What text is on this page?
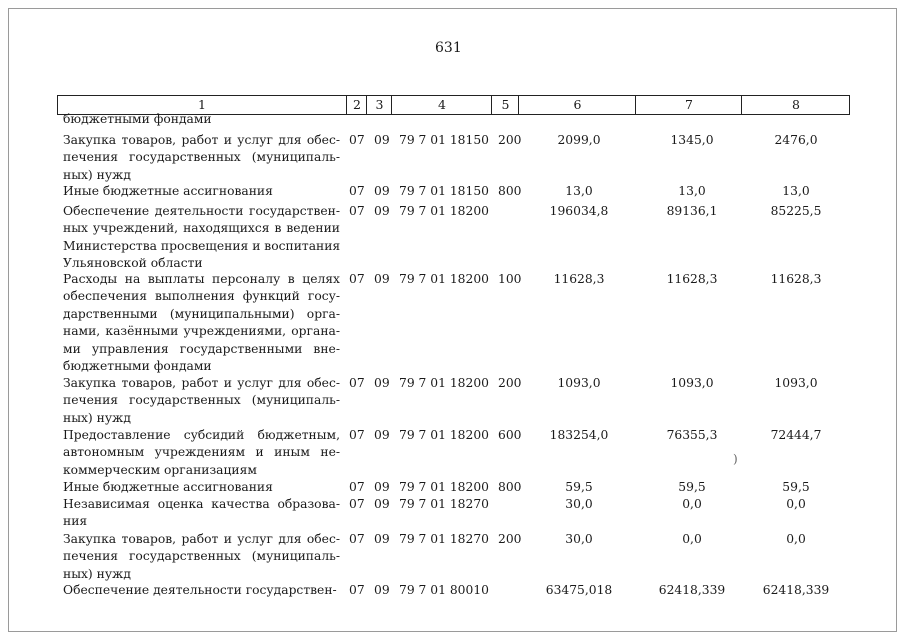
631
1	2	3	4	5	6	7	8
бюджетными фондами
Закупка товаров, работ и услуг для обес-
печения государственных (муниципаль-
ных) нужд
07 09 79 7 01 18150 200	2099,0	1345,0	2476,0
Иные бюджетные ассигнования	07 09 79 7 01 18150 800	13,0	13,0	13,0
Обеспечение деятельности государствен-
ных учреждений, находящихся в ведении
Министерства просвещения и воспитания
Ульяновской области
07 09 79 7 01 18200	196034,8	89136,1	85225,5
Расходы на выплаты персоналу в целях
обеспечения выполнения функций госу-
дарственными (муниципальными) орга-
нами, казёнными учреждениями, органа-
ми управления государственными вне-
бюджетными фондами
07 09 79 7 01 18200 100	11628,3	11628,3	11628,3
Закупка товаров, работ и услуг для обес-
печения государственных (муниципаль-
ных) нужд
07 09 79 7 01 18200 200	1093,0	1093,0	1093,0
Предоставление субсидий бюджетным,
автономным учреждениям и иным не-
коммерческим организациям
07 09 79 7 01 18200 600	183254,0	76355,3	72444,7
Иные бюджетные ассигнования	07 09 79 7 01 18200 800	59,5	59,5	59,5
Независимая оценка качества образова-
ния
07 09 79 7 01 18270	30,0	0,0	0,0
Закупка товаров, работ и услуг для обес-
печения государственных (муниципаль-
ных) нужд
07 09 79 7 01 18270 200	30,0	0,0	0,0
Обеспечение деятельности государствен- 07 09 79 7 01 80010	63475,018	62418,339	62418,339
)
